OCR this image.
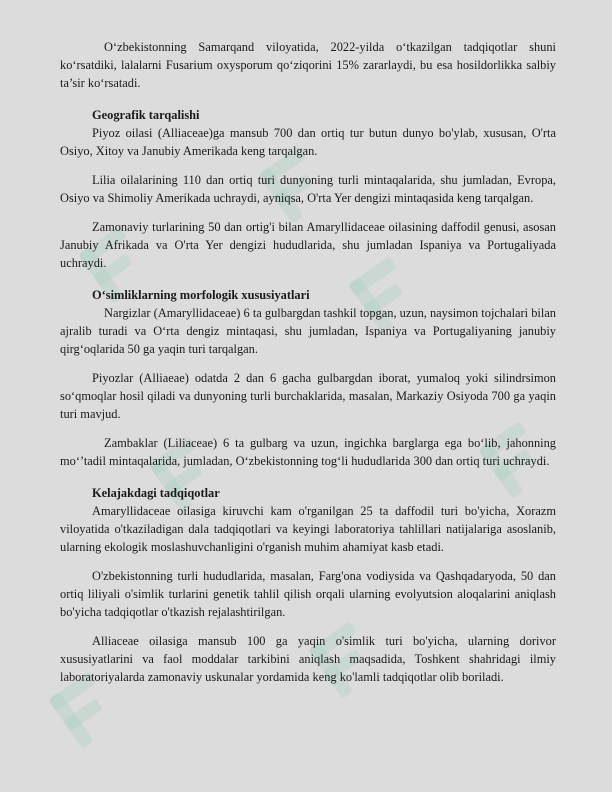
O‘zbekistonning Samarqand viloyatida, 2022-yilda o‘tkazilgan tadqiqotlar shuni ko‘rsatdiki, lalalarni Fusarium oxysporum qo‘ziqorini 15% zararlaydi, bu esa hosildorlikka salbiy ta’sir ko‘rsatadi.

Geografik tarqalishi

Piyoz oilasi (Alliaceae)ga mansub 700 dan ortiq tur butun dunyo bo'ylab, xususan, O'rta Osiyo, Xitoy va Janubiy Amerikada keng tarqalgan.

Lilia oilalarining 110 dan ortiq turi dunyoning turli mintaqalarida, shu jumladan, Evropa, Osiyo va Shimoliy Amerikada uchraydi, ayniqsa, O'rta Yer dengizi mintaqasida keng tarqalgan.

Zamonaviy turlarining 50 dan ortig'i bilan Amaryllidaceae oilasining daffodil genusi, asosan Janubiy Afrikada va O'rta Yer dengizi hududlarida, shu jumladan Ispaniya va Portugaliyada uchraydi.

O‘simliklarning morfologik xususiyatlari

Nargizlar (Amaryllidaceae) 6 ta gulbargdan tashkil topgan, uzun, naysimon tojchalari bilan ajralib turadi va O‘rta dengiz mintaqasi, shu jumladan, Ispaniya va Portugaliyaning janubiy qirg‘oqlarida 50 ga yaqin turi tarqalgan.

Piyozlar (Alliaeae) odatda 2 dan 6 gacha gulbargdan iborat, yumaloq yoki silindrsimon so‘qmoqlar hosil qiladi va dunyoning turli burchaklarida, masalan, Markaziy Osiyoda 700 ga yaqin turi mavjud.

Zambaklar (Liliaceae) 6 ta gulbarg va uzun, ingichka barglarga ega bo‘lib, jahonning mo‘’tadil mintaqalarida, jumladan, O‘zbekistonning tog‘li hududlarida 300 dan ortiq turi uchraydi.

Kelajakdagi tadqiqotlar

Amaryllidaceae oilasiga kiruvchi kam o'rganilgan 25 ta daffodil turi bo'yicha, Xorazm viloyatida o'tkaziladigan dala tadqiqotlari va keyingi laboratoriya tahlillari natijalariga asoslanib, ularning ekologik moslashuvchanligini o'rganish muhim ahamiyat kasb etadi.

O'zbekistonning turli hududlarida, masalan, Farg'ona vodiysida va Qashqadaryoda, 50 dan ortiq liliyali o'simlik turlarini genetik tahlil qilish orqali ularning evolyutsion aloqalarini aniqlash bo'yicha tadqiqotlar o'tkazish rejalashtirilgan.

Alliaceae oilasiga mansub 100 ga yaqin o'simlik turi bo'yicha, ularning dorivor xususiyatlarini va faol moddalar tarkibini aniqlash maqsadida, Toshkent shahridagi ilmiy laboratoriyalarda zamonaviy uskunalar yordamida keng ko'lamli tadqiqotlar olib boriladi.
